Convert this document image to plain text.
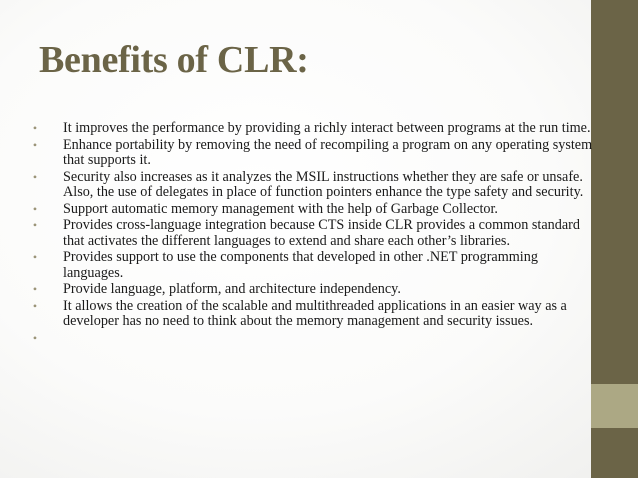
Benefits of CLR:
• It improves the performance by providing a richly interact between programs at the run time.
• Enhance portability by removing the need of recompiling a program on any operating system that supports it.
• Security also increases as it analyzes the MSIL instructions whether they are safe or unsafe. Also, the use of delegates in place of function pointers enhance the type safety and security.
• Support automatic memory management with the help of Garbage Collector.
• Provides cross-language integration because CTS inside CLR provides a common standard that activates the different languages to extend and share each other’s libraries.
• Provides support to use the components that developed in other .NET programming languages.
• Provide language, platform, and architecture independency.
• It allows the creation of the scalable and multithreaded applications in an easier way as a developer has no need to think about the memory management and security issues.
•
